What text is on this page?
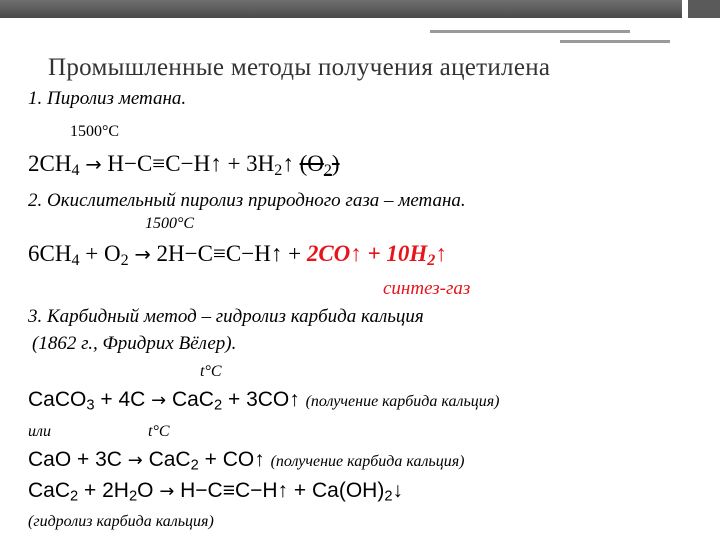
Промышленные методы получения ацетилена
1. Пиролиз метана.
1500°C
$2CH_4$ → H−C≡C−H↑ + $3H_2↑$ $(O_2)$
2. Окислительный пиролиз природного газа – метана.
1500°C
$6CH_4 + O_2$ → 2H−C≡C−H↑ + 2CO↑ + $10H_2↑$
синтез-газ
3. Карбидный метод – гидролиз карбида кальция
(1862 г., Фридрих Вёлер).
t°C
CaCO$_3$ + 4C → CaC$_2$ + 3CO↑ (получение карбида кальция)
или	t°C
CaO + 3C → CaC$_2$ + CO↑ (получение карбида кальция)
$CaC_2 + 2H_2O$ → H−C≡C−H↑ + $Ca(OH)_2↓$
(гидролиз карбида кальция)
